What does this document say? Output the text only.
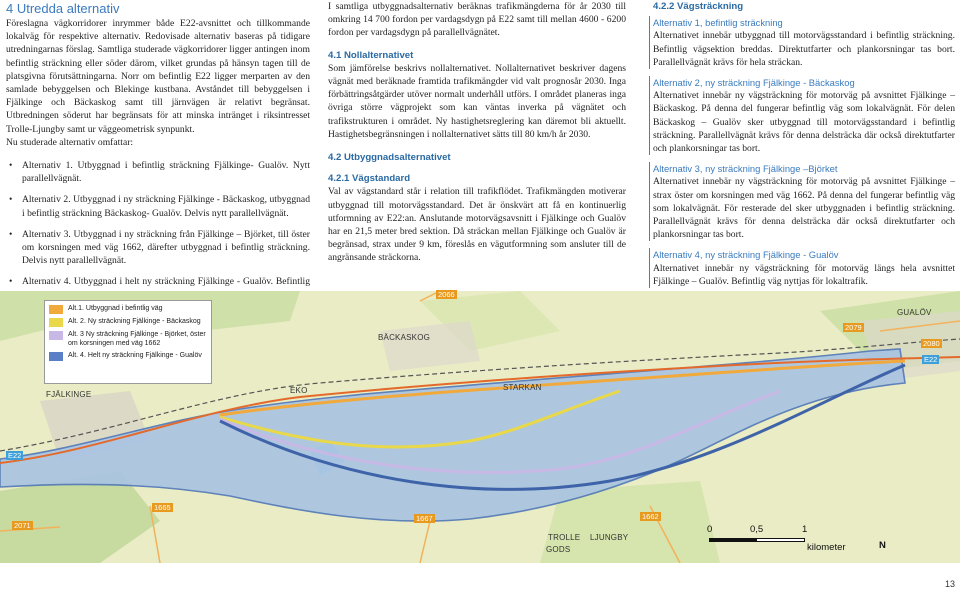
4 Utredda alternativ

Föreslagna vägkorridorer inrymmer både E22-avsnittet och tillkommande lokalväg för respektive alternativ. Redovisade alternativ baseras på tidigare utredningarnas förslag. Samtliga studerade vägkorridorer ligger antingen inom befintlig sträckning eller söder därom, vilket grundas på hänsyn tagen till de platsgivna förutsättningarna. Norr om befintlig E22 ligger merparten av den samlade bebyggelsen och Blekinge kustbana. Avståndet till bebyggelsen i Fjälkinge och Bäckaskog samt till järnvägen är relativt begränsat. Utbredningen söderut har begränsats för att minska intränget i riksintresset Trolle-Ljungby samt ur väggeometrisk synpunkt.

Nu studerade alternativ omfattar:

• Alternativ 1. Utbyggnad i befintlig sträckning Fjälkinge- Gualöv. Nytt parallellvägnät.
• Alternativ 2. Utbyggnad i ny sträckning Fjälkinge - Bäckaskog, utbyggnad i befintlig sträckning Bäckaskog- Gualöv. Delvis nytt parallellvägnät.
• Alternativ 3. Utbyggnad i ny sträckning från Fjälkinge – Björket, till öster om korsningen med väg 1662, därefter utbyggnad i befintlig sträckning. Delvis nytt parallellvägnät.
• Alternativ 4. Utbyggnad i helt ny sträckning Fjälkinge - Gualöv. Befintlig

I samtliga utbyggnadsalternativ beräknas trafikmängderna för år 2030 till omkring 14 700 fordon per vardagsdygn på E22 samt till mellan 4600 - 6200 fordon per vardagsdygn på parallellvägnätet.

4.1 Nollalternativet

Som jämförelse beskrivs nollalternativet. Nollalternativet beskriver dagens vägnät med beräknade framtida trafikmängder vid valt prognosår 2030. Inga förbättringsåtgärder utöver normalt underhåll utförs. I området planeras inga övriga större vägprojekt som kan väntas inverka på vägnätet och trafikstrukturen i området. Ny hastighetsreglering kan däremot bli aktuellt. Hastighetsbegränsningen i nollalternativet sätts till 80 km/h år 2030.

4.2 Utbyggnadsalternativet
4.2.1 Vägstandard

Val av vägstandard står i relation till trafikflödet. Trafikmängden motiverar utbyggnad till motorvägsstandard. Det är önskvärt att få en kontinuerlig utformning av E22:an. Anslutande motorvägsavsnitt i Fjälkinge och Gualöv har en 21,5 meter bred sektion. Då sträckan mellan Fjälkinge och Gualöv är begränsad, strax under 9 km, föreslås en vägutformning som ansluter till de angränsande sträckorna.

4.2.2 Vägsträckning
Alternativ 1, befintlig sträckning

Alternativet innebär utbyggnad till motorvägsstandard i befintlig sträckning. Befintlig vägsektion breddas. Direktutfarter och plankorsningar tas bort. Parallellvägnät krävs för hela sträckan.

Alternativ 2, ny sträckning Fjälkinge - Bäckaskog

Alternativet innebär ny vägsträckning för motorväg på avsnittet Fjälkinge –Bäckaskog. På denna del fungerar befintlig väg som lokalvägnät. För delen Bäckaskog – Gualöv sker utbyggnad till motorvägsstandard i befintlig sträckning. Parallellvägnät krävs för denna delsträcka där också direktutfarter och plankorsningar tas bort.

Alternativ 3, ny sträckning Fjälkinge –Björket

Alternativet innebär ny vägsträckning för motorväg på avsnittet Fjälkinge – strax öster om korsningen med väg 1662. På denna del fungerar befintlig väg som lokalvägnät. För resterade del sker utbyggnaden i befintlig sträckning. Parallellvägnät krävs för denna delsträcka där också direktutfarter och plankorsningar tas bort.

Alternativ 4, ny sträckning Fjälkinge - Gualöv

Alternativet innebär ny vägsträckning för motorväg längs hela avsnittet Fjälkinge – Gualöv. Befintlig väg nyttjas för lokaltrafik.

Alt.1. Utbyggnad i befintlig väg
Alt. 2. Ny sträckning Fjälkinge - Bäckaskog
Alt. 3 Ny sträckning Fjälkinge - Björket, öster om korsningen med väg 1662
Alt. 4. Helt ny sträckning Fjälkinge - Gualöv
FJÄLKINGE
BÄCKASKOG
EKO	STARKAN
TROLLE LJUNGBY
GODS
GUALÖV
2066
2079
2080
E22
E22
2071
1665
1667	1662
0	0,5	1
kilometer	N
13
